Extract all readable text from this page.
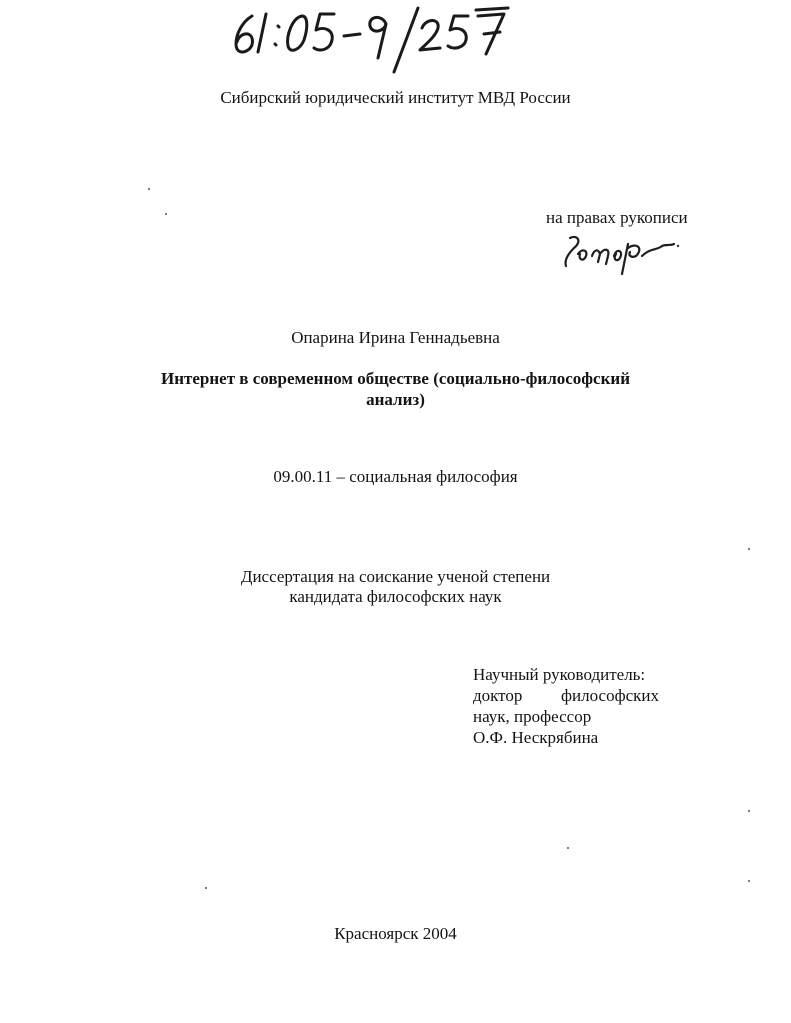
Сибирский юридический институт МВД России
на правах рукописи
Опарина Ирина Геннадьевна
Интернет в современном обществе (социально-философский
анализ)
09.00.11 – социальная философия
Диссертация на соискание ученой степени
кандидата философских наук
Научный руководитель:
доктор философских
наук, профессор
О.Ф. Нескрябина
Красноярск 2004
